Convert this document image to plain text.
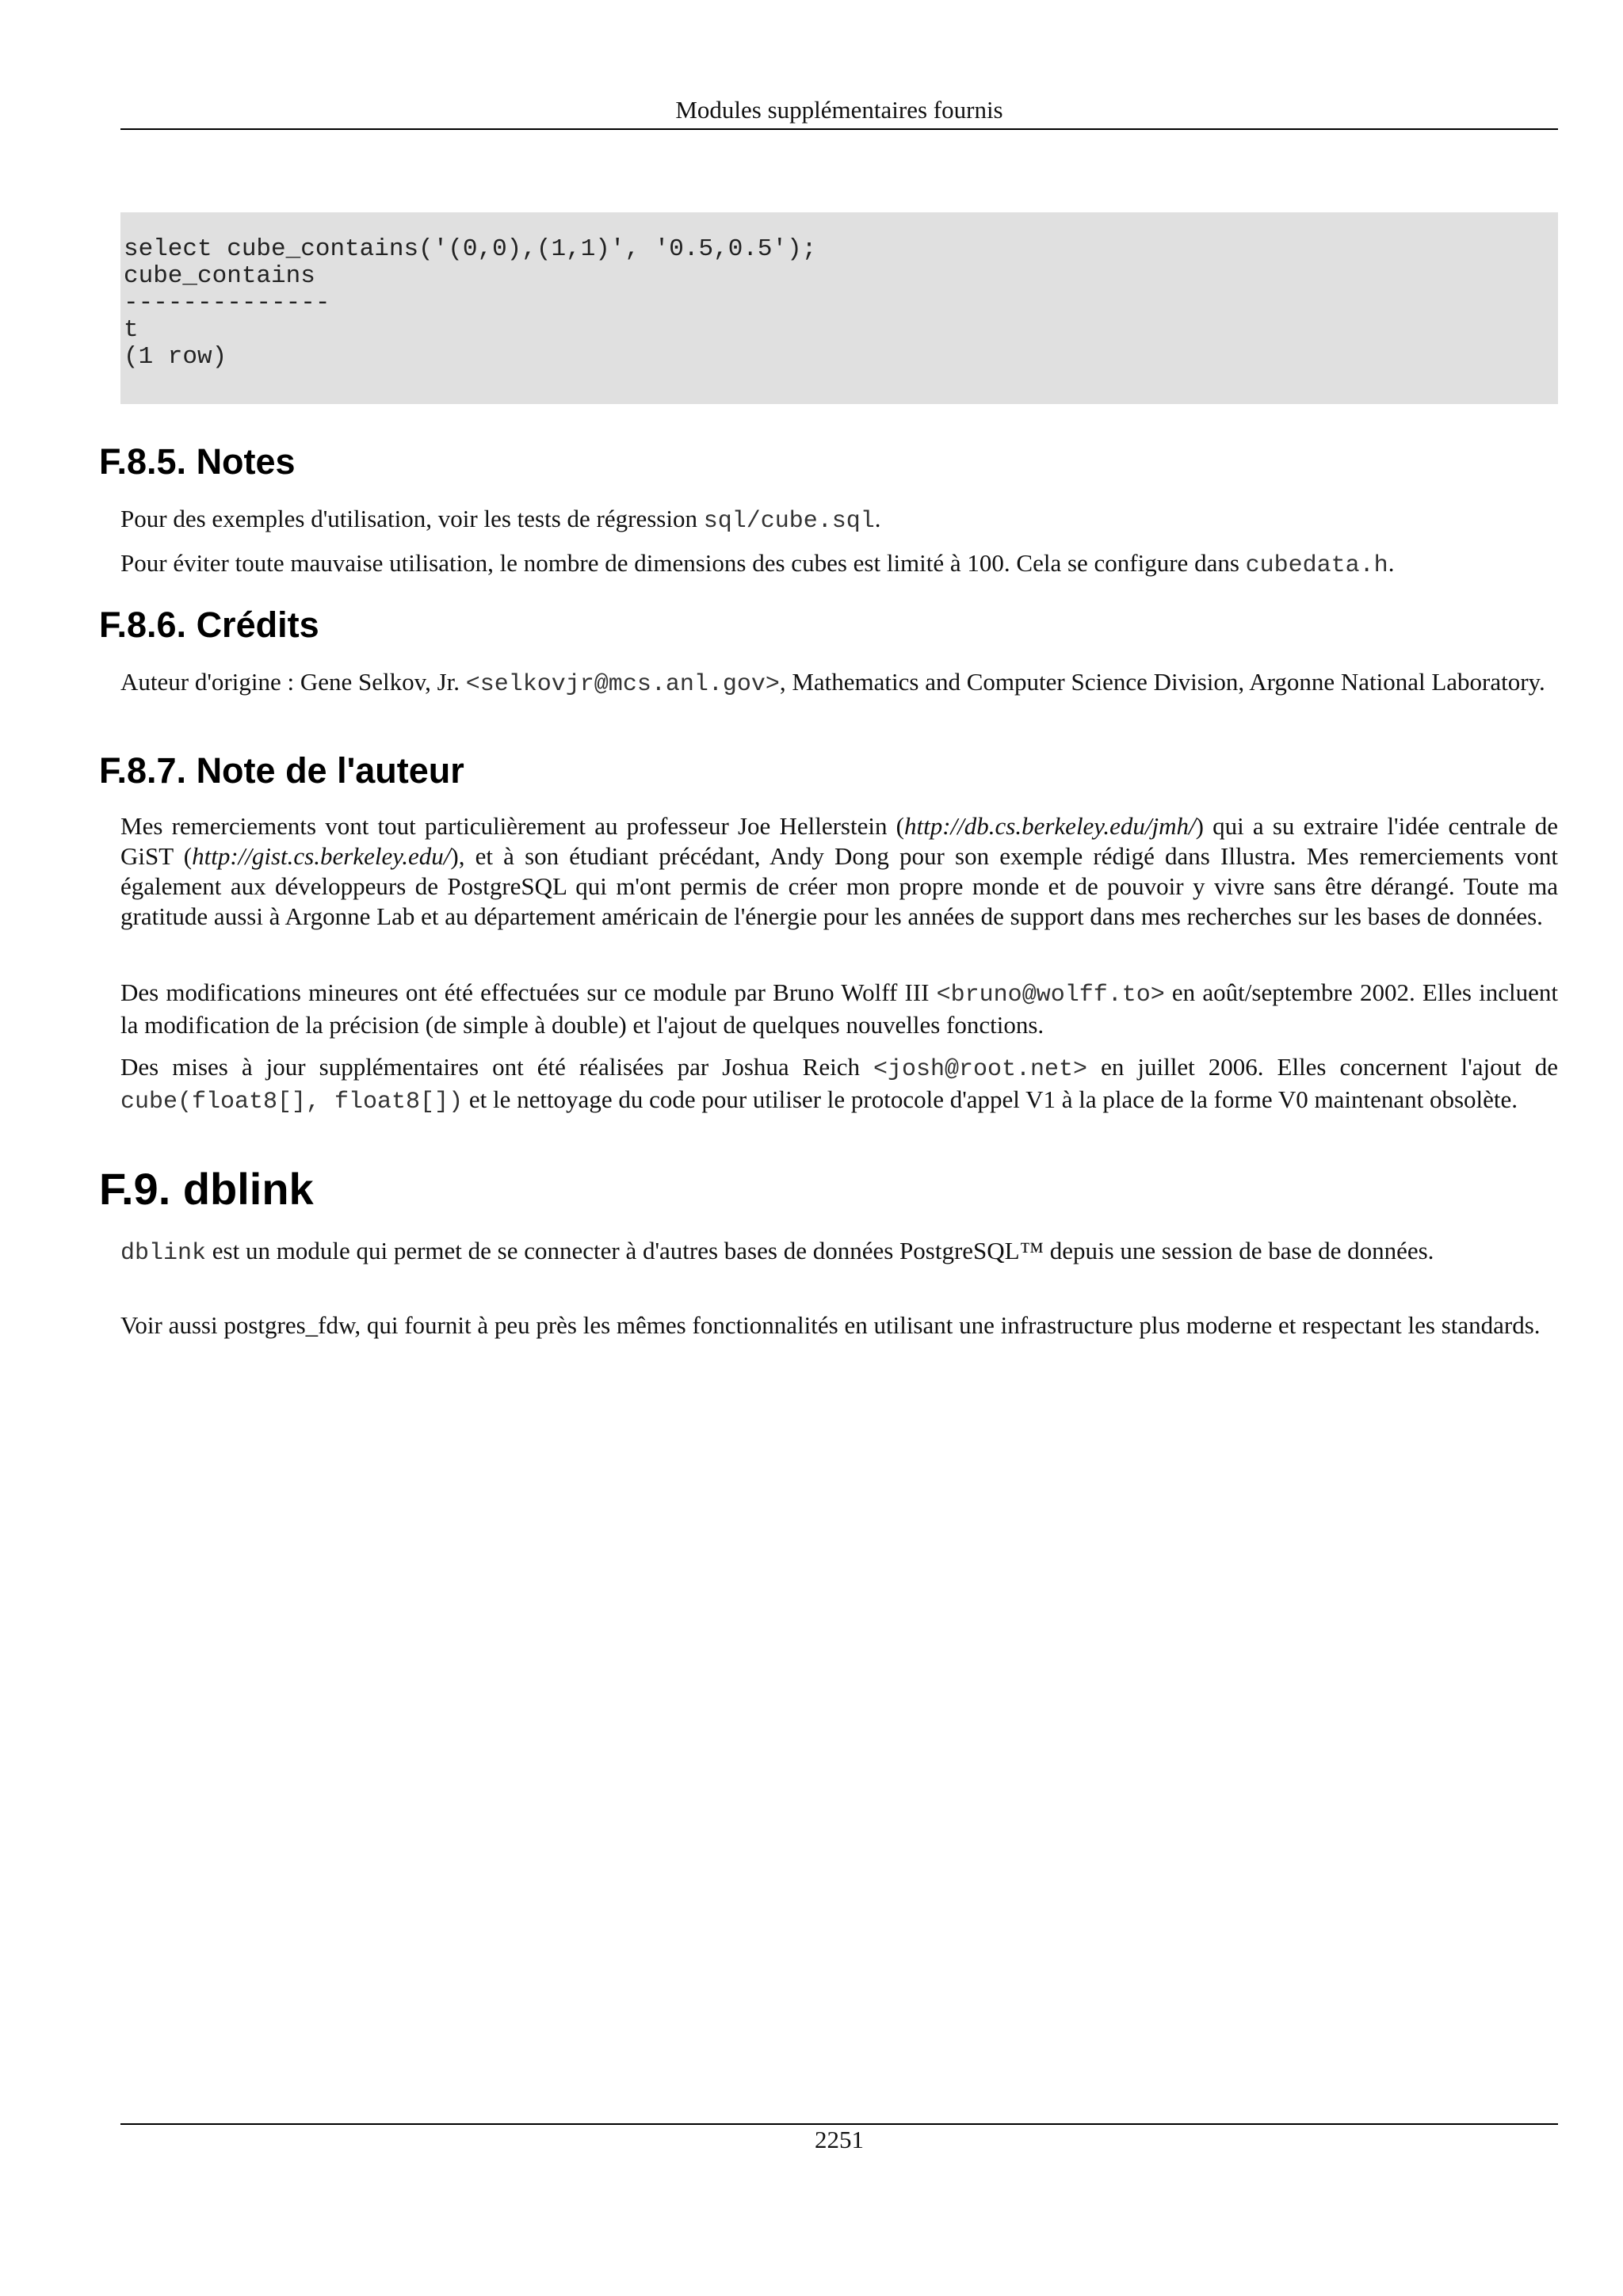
Modules supplémentaires fournis
select cube_contains('(0,0),(1,1)', '0.5,0.5');
cube_contains
--------------
t
(1 row)
F.8.5. Notes

Pour des exemples d'utilisation, voir les tests de régression sql/cube.sql.

Pour éviter toute mauvaise utilisation, le nombre de dimensions des cubes est limité à 100. Cela se configure dans cubedata.h.

F.8.6. Crédits

Auteur d'origine : Gene Selkov, Jr. <selkovjr@mcs.anl.gov>, Mathematics and Computer Science Division, Argonne National Laboratory.

F.8.7. Note de l'auteur

Mes remerciements vont tout particulièrement au professeur Joe Hellerstein (http://db.cs.berkeley.edu/jmh/) qui a su extraire l'idée centrale de GiST (http://gist.cs.berkeley.edu/), et à son étudiant précédant, Andy Dong pour son exemple rédigé dans Illustra. Mes remerciements vont également aux développeurs de PostgreSQL qui m'ont permis de créer mon propre monde et de pouvoir y vivre sans être dérangé. Toute ma gratitude aussi à Argonne Lab et au département américain de l'énergie pour les années de support dans mes recherches sur les bases de données.

Des modifications mineures ont été effectuées sur ce module par Bruno Wolff III <bruno@wolff.to> en août/septembre 2002. Elles incluent la modification de la précision (de simple à double) et l'ajout de quelques nouvelles fonctions.

Des mises à jour supplémentaires ont été réalisées par Joshua Reich <josh@root.net> en juillet 2006. Elles concernent l'ajout de cube(float8[], float8[]) et le nettoyage du code pour utiliser le protocole d'appel V1 à la place de la forme V0 maintenant obsolète.

F.9. dblink

dblink est un module qui permet de se connecter à d'autres bases de données PostgreSQL™ depuis une session de base de données.

Voir aussi postgres_fdw, qui fournit à peu près les mêmes fonctionnalités en utilisant une infrastructure plus moderne et respectant les standards.

2251
